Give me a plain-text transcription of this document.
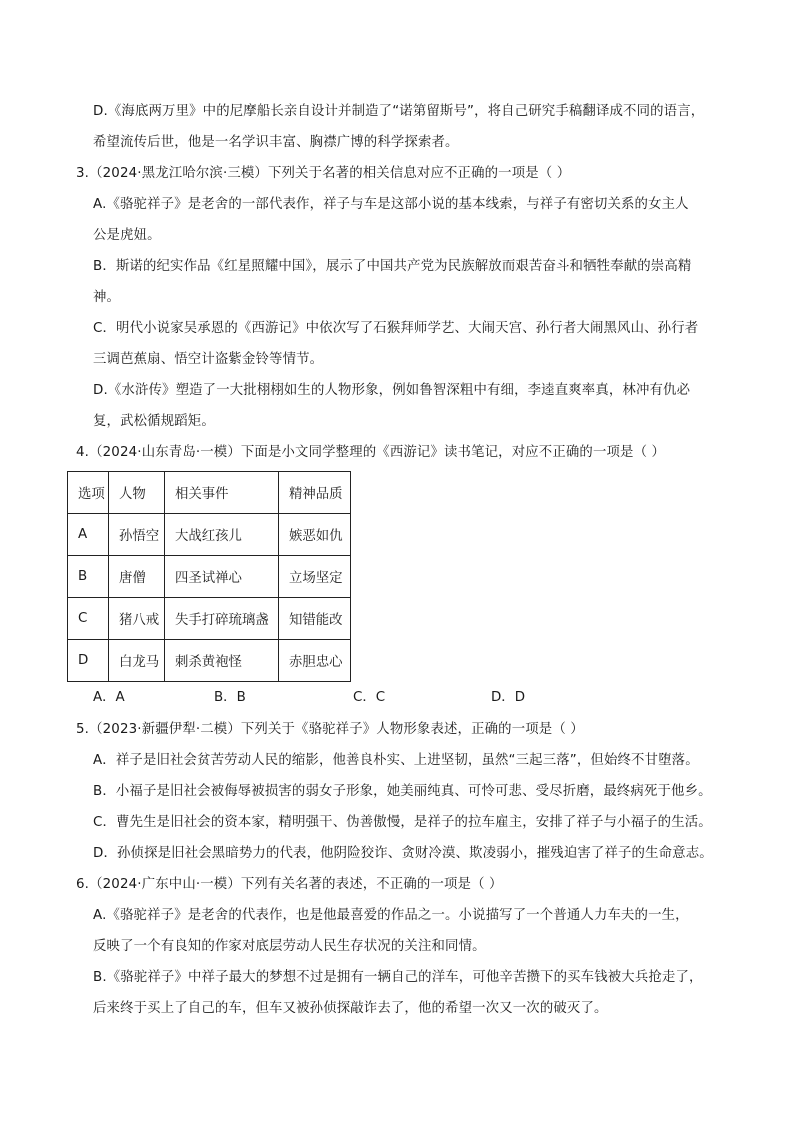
D.《海底两万里》中的尼摩船长亲自设计并制造了“诺第留斯号”，将自己研究手稿翻译成不同的语言，
希望流传后世，他是一名学识丰富、胸襟广博的科学探索者。
3.（2024·黑龙江哈尔滨·三模）下列关于名著的相关信息对应不正确的一项是（ ）
A.《骆驼祥子》是老舍的一部代表作，祥子与车是这部小说的基本线索，与祥子有密切关系的女主人
公是虎妞。
B．斯诺的纪实作品《红星照耀中国》，展示了中国共产党为民族解放而艰苦奋斗和牺牲奉献的崇高精
神。
C．明代小说家吴承恩的《西游记》中依次写了石猴拜师学艺、大闹天宫、孙行者大闹黑风山、孙行者
三调芭蕉扇、悟空计盗紫金铃等情节。
D.《水浒传》塑造了一大批栩栩如生的人物形象，例如鲁智深粗中有细，李逵直爽率真，林冲有仇必
复，武松循规蹈矩。
4.（2024·山东青岛·一模）下面是小文同学整理的《西游记》读书笔记，对应不正确的一项是（ ）
选项	人物	相关事件	精神品质
A	孙悟空	大战红孩儿	嫉恶如仇
B	唐僧	四圣试禅心	立场坚定
C	猪八戒	失手打碎琉璃盏	知错能改
D	白龙马	刺杀黄袍怪	赤胆忠心
A．A	B．B	C．C	D．D
5.（2023·新疆伊犁·二模）下列关于《骆驼祥子》人物形象表述，正确的一项是（ ）
A．祥子是旧社会贫苦劳动人民的缩影，他善良朴实、上进坚韧，虽然“三起三落”，但始终不甘堕落。
B．小福子是旧社会被侮辱被损害的弱女子形象，她美丽纯真、可怜可悲、受尽折磨，最终病死于他乡。
C．曹先生是旧社会的资本家，精明强干、伪善傲慢，是祥子的拉车雇主，安排了祥子与小福子的生活。
D．孙侦探是旧社会黑暗势力的代表，他阴险狡诈、贪财冷漠、欺凌弱小，摧残迫害了祥子的生命意志。
6.（2024·广东中山·一模）下列有关名著的表述，不正确的一项是（ ）
A.《骆驼祥子》是老舍的代表作，也是他最喜爱的作品之一。小说描写了一个普通人力车夫的一生，
反映了一个有良知的作家对底层劳动人民生存状况的关注和同情。
B.《骆驼祥子》中祥子最大的梦想不过是拥有一辆自己的洋车，可他辛苦攒下的买车钱被大兵抢走了，
后来终于买上了自己的车，但车又被孙侦探敲诈去了，他的希望一次又一次的破灭了。
